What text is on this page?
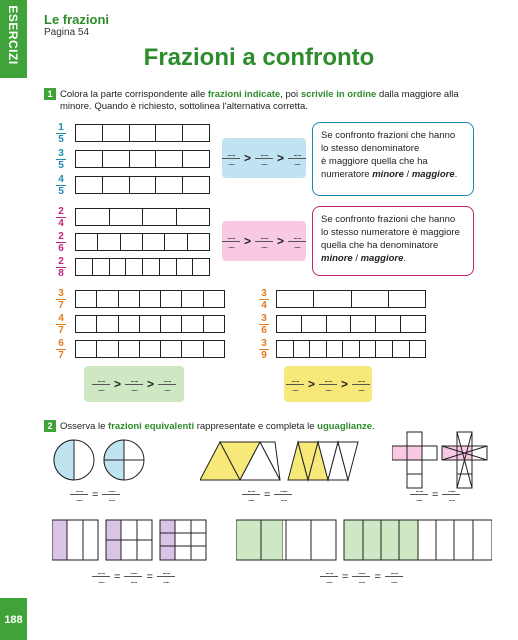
ESERCIZI
188
Le frazioni
Pagina 54
Frazioni a confronto
1 Colora la parte corrispondente alle frazioni indicate, poi scrivile in ordine dalla maggiore alla
minore. Quando è richiesto, sottolinea l'alternativa corretta.
1
5
3
5
4
5
......
..... >	......
..... >	......
.....
Se confronto frazioni che hanno
lo stesso denominatore
è maggiore quella che ha
numeratore minore / maggiore.
2
4
2
6
2
8
......
..... >	......
..... >	......
.....
Se confronto frazioni che hanno
lo stesso numeratore è maggiore
quella che ha denominatore
minore / maggiore.
3
7
4
7
6
7
3
4
3
6
3
9
......
..... >	......
..... >	......
.....
......
..... >	......
..... >	......
.....
2 Osserva le frazioni equivalenti rappresentate e completa le uguaglianze.
......
..... =	......
.....
......
..... =	......
.....
......
..... =	......
.....
......
..... =	......
..... =	......
.....
......
..... =	......
..... =	......
.....
